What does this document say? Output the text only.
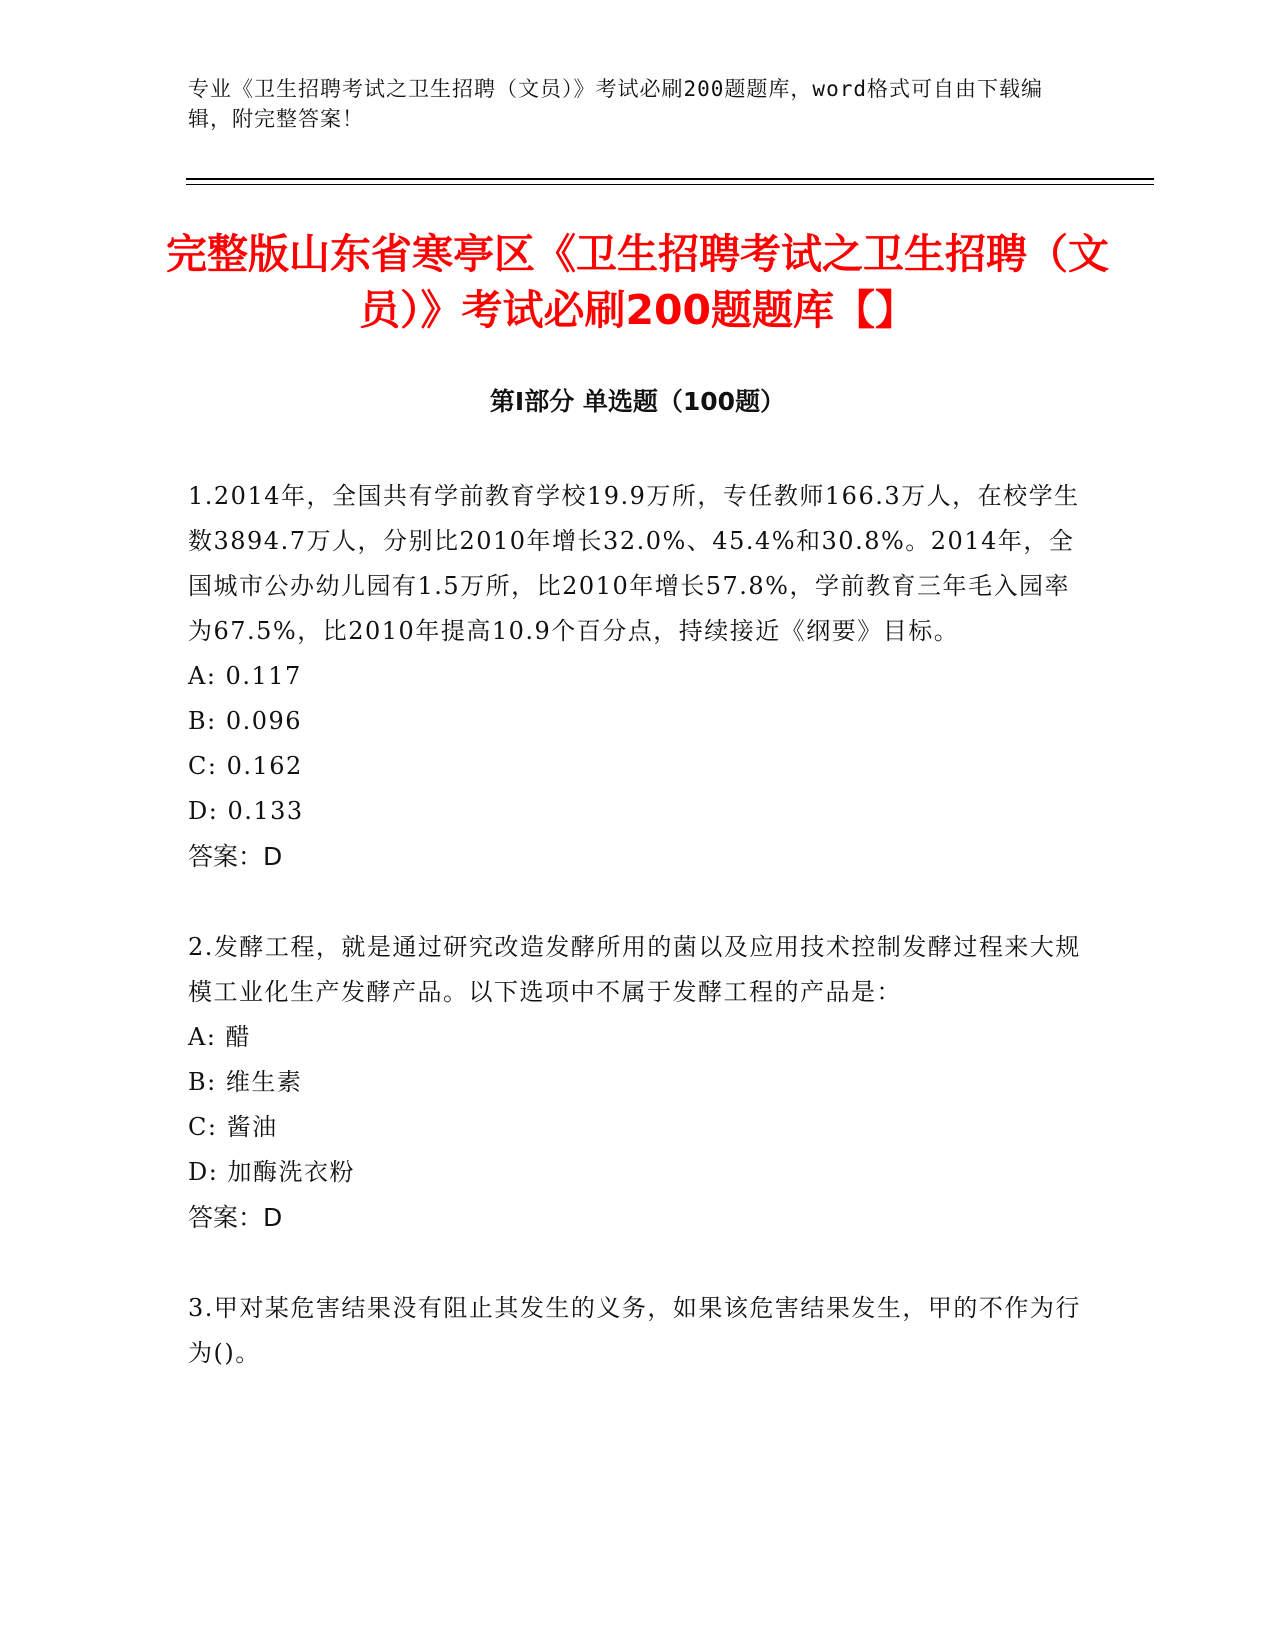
专业《卫生招聘考试之卫生招聘（文员）》考试必刷200题题库，word格式可自由下载编辑，附完整答案！
完整版山东省寒亭区《卫生招聘考试之卫生招聘（文员）》考试必刷200题题库【】
第Ⅰ部分 单选题（100题）

1.2014年，全国共有学前教育学校19.9万所，专任教师166.3万人，在校学生数3894.7万人，分别比2010年增长32.0%、45.4%和30.8%。2014年，全国城市公办幼儿园有1.5万所，比2010年增长57.8%，学前教育三年毛入园率为67.5%，比2010年提高10.9个百分点，持续接近《纲要》目标。

A: 0.117
B: 0.096
C: 0.162
D: 0.133
答案：D

2.发酵工程，就是通过研究改造发酵所用的菌以及应用技术控制发酵过程来大规模工业化生产发酵产品。以下选项中不属于发酵工程的产品是：

A: 醋
B: 维生素
C: 酱油
D: 加酶洗衣粉
答案：D

3.甲对某危害结果没有阻止其发生的义务，如果该危害结果发生，甲的不作为行为()。
